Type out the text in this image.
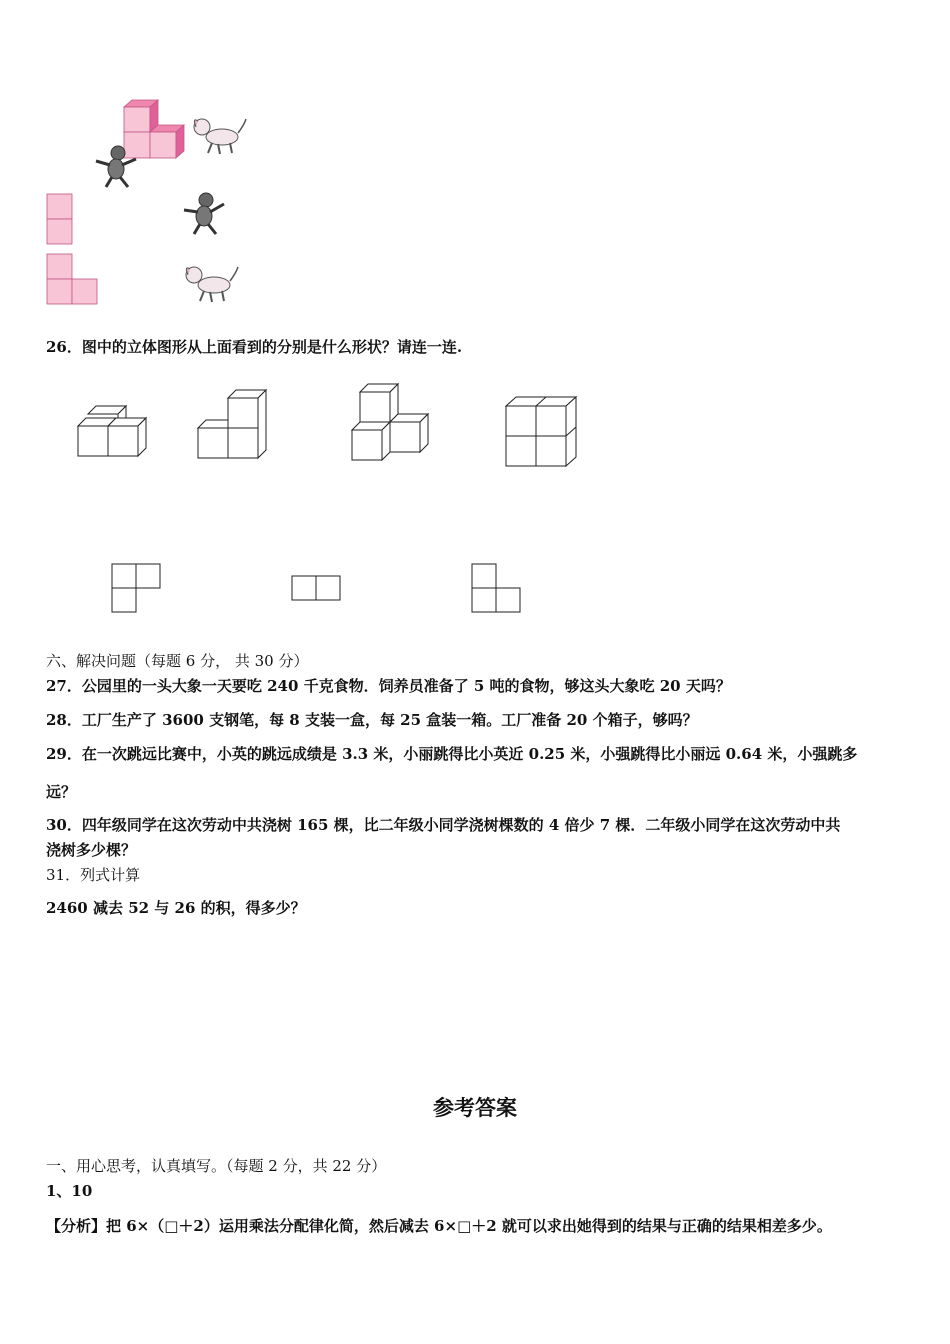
26．图中的立体图形从上面看到的分别是什么形状？请连一连.
六、解决问题（每题 6 分， 共 30 分）
27．公园里的一头大象一天要吃 240 千克食物．饲养员准备了 5 吨的食物，够这头大象吃 20 天吗？
28．工厂生产了 3600 支钢笔，每 8 支装一盒，每 25 盒装一箱。工厂准备 20 个箱子，够吗？
29．在一次跳远比赛中，小英的跳远成绩是 3.3 米，小丽跳得比小英近 0.25 米，小强跳得比小丽远 0.64 米，小强跳多
远？
30．四年级同学在这次劳动中共浇树 165 棵，比二年级小同学浇树棵数的 4 倍少 7 棵．二年级小同学在这次劳动中共
浇树多少棵？
31．列式计算
2460 减去 52 与 26 的积，得多少？
参考答案
一、用心思考，认真填写。（每题 2 分，共 22 分）
1、10
【分析】把 6×（□＋2）运用乘法分配律化简，然后减去 6×□＋2 就可以求出她得到的结果与正确的结果相差多少。
